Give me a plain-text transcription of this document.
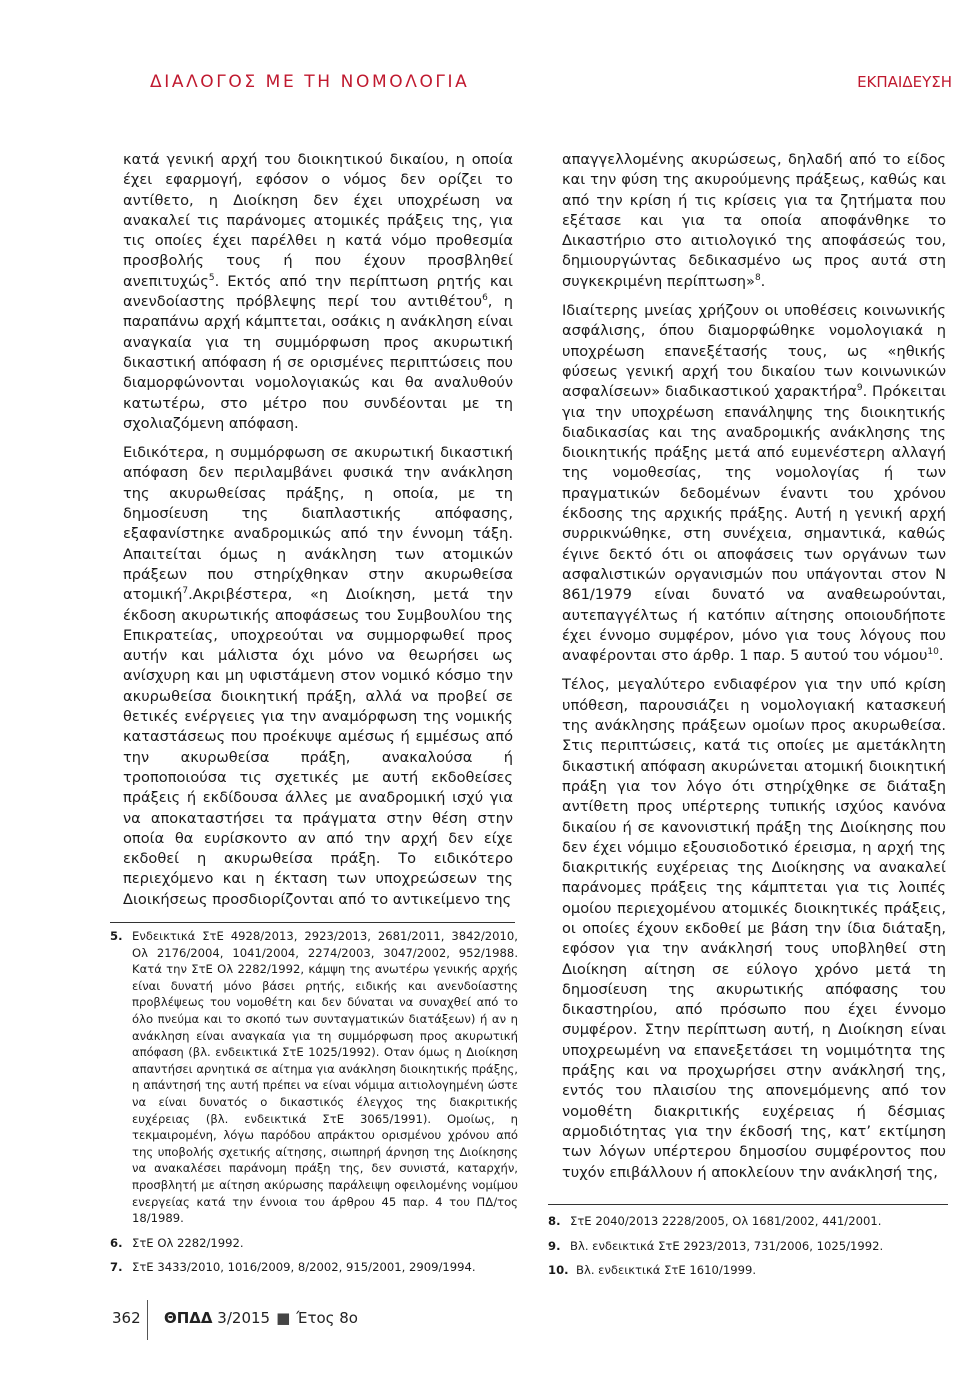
ΔΙΑΛΟΓΟΣ ΜΕ ΤΗ ΝΟΜΟΛΟΓΙΑ	ΕΚΠΑΙΔΕΥΣΗ

κατά γενική αρχή του διοικητικού δικαίου, η οποία έχει εφαρμογή, εφόσον ο νόμος δεν ορίζει το αντίθετο, η Διοίκηση δεν έχει υποχρέωση να ανακαλεί τις παράνομες ατομικές πράξεις της, για τις οποίες έχει παρέλθει η κατά νόμο προθεσμία προσβολής τους ή που έχουν προσβληθεί ανεπιτυχώς$^5$. Εκτός από την περίπτωση ρητής και ανενδοίαστης πρόβλεψης περί του αντιθέτου$^6$, η παραπάνω αρχή κάμπτεται, οσάκις η ανάκληση είναι αναγκαία για τη συμμόρφωση προς ακυρωτική δικαστική απόφαση ή σε ορισμένες περιπτώσεις που διαμορφώνονται νομολογιακώς και θα αναλυθούν κατωτέρω, στο μέτρο που συνδέονται με τη σχολιαζόμενη απόφαση.

Ειδικότερα, η συμμόρφωση σε ακυρωτική δικαστική απόφαση δεν περιλαμβάνει φυσικά την ανάκληση της ακυρωθείσας πράξης, η οποία, με τη δημοσίευση της διαπλαστικής απόφασης, εξαφανίστηκε αναδρομικώς από την έννομη τάξη. Απαιτείται όμως η ανάκληση των ατομικών πράξεων που στηρίχθηκαν στην ακυρωθείσα ατομική$^7$.Ακριβέστερα, «η Διοίκηση, μετά την έκδοση ακυρωτικής αποφάσεως του Συμβουλίου της Επικρατείας, υποχρεούται να συμμορφωθεί προς αυτήν και μάλιστα όχι μόνο να θεωρήσει ως ανίσχυρη και μη υφιστάμενη στον νομικό κόσμο την ακυρωθείσα διοικητική πράξη, αλλά να προβεί σε θετικές ενέργειες για την αναμόρφωση της νομικής καταστάσεως που προέκυψε αμέσως ή εμμέσως από την ακυρωθείσα πράξη, ανακαλούσα ή τροποποιούσα τις σχετικές με αυτή εκδοθείσες πράξεις ή εκδίδουσα άλλες με αναδρομική ισχύ για να αποκαταστήσει τα πράγματα στην θέση στην οποία θα ευρίσκοντο αν από την αρχή δεν είχε εκδοθεί η ακυρωθείσα πράξη. Το ειδικότερο περιεχόμενο και η έκταση των υποχρεώσεων της Διοικήσεως προσδιορίζονται από το αντικείμενο της

απαγγελλομένης ακυρώσεως, δηλαδή από το είδος και την φύση της ακυρούμενης πράξεως, καθώς και από την κρίση ή τις κρίσεις για τα ζητήματα που εξέτασε και για τα οποία αποφάνθηκε το Δικαστήριο στο αιτιολογικό της αποφάσεώς του, δημιουργώντας δεδικασμένο ως προς αυτά στη συγκεκριμένη περίπτωση»$^8$.

Ιδιαίτερης μνείας χρήζουν οι υποθέσεις κοινωνικής ασφάλισης, όπου διαμορφώθηκε νομολογιακά η υποχρέωση επανεξέτασής τους, ως «ηθικής φύσεως γενική αρχή του δικαίου των κοινωνικών ασφαλίσεων» διαδικαστικού χαρακτήρα$^9$. Πρόκειται για την υποχρέωση επανάληψης της διοικητικής διαδικασίας και της αναδρομικής ανάκλησης της διοικητικής πράξης μετά από ευμενέστερη αλλαγή της νομοθεσίας, της νομολογίας ή των πραγματικών δεδομένων έναντι του χρόνου έκδοσης της αρχικής πράξης. Αυτή η γενική αρχή συρρικνώθηκε, στη συνέχεια, σημαντικά, καθώς έγινε δεκτό ότι οι αποφάσεις των οργάνων των ασφαλιστικών οργανισμών που υπάγονται στον Ν 861/1979 είναι δυνατό να αναθεωρούνται, αυτεπαγγέλτως ή κατόπιν αίτησης οποιουδήποτε έχει έννομο συμφέρον, μόνο για τους λόγους που αναφέρονται στο άρθρ. 1 παρ. 5 αυτού του νόμου$^{10}$.

Τέλος, μεγαλύτερο ενδιαφέρον για την υπό κρίση υπόθεση, παρουσιάζει η νομολογιακή κατασκευή της ανάκλησης πράξεων ομοίων προς ακυρωθείσα. Στις περιπτώσεις, κατά τις οποίες με αμετάκλητη δικαστική απόφαση ακυρώνεται ατομική διοικητική πράξη για τον λόγο ότι στηρίχθηκε σε διάταξη αντίθετη προς υπέρτερης τυπικής ισχύος κανόνα δικαίου ή σε κανονιστική πράξη της Διοίκησης που δεν έχει νόμιμο εξουσιοδοτικό έρεισμα, η αρχή της διακριτικής ευχέρειας της Διοίκησης να ανακαλεί παράνομες πράξεις της κάμπτεται για τις λοιπές ομοίου περιεχομένου ατομικές διοικητικές πράξεις, οι οποίες έχουν εκδοθεί με βάση την ίδια διάταξη, εφόσον για την ανάκλησή τους υποβληθεί στη Διοίκηση αίτηση σε εύλογο χρόνο μετά τη δημοσίευση της ακυρωτικής απόφασης του δικαστηρίου, από πρόσωπο που έχει έννομο συμφέρον. Στην περίπτωση αυτή, η Διοίκηση είναι υποχρεωμένη να επανεξετάσει τη νομιμότητα της πράξης και να προχωρήσει στην ανάκλησή της, εντός του πλαισίου της απονεμόμενης από τον νομοθέτη διακριτικής ευχέρειας ή δέσμιας αρμοδιότητας για την έκδοσή της, κατ’ εκτίμηση των λόγων υπέρτερου δημοσίου συμφέροντος που τυχόν επιβάλλουν ή αποκλείουν την ανάκλησή της,

5. Ενδεικτικά ΣτΕ 4928/2013, 2923/2013, 2681/2011, 3842/2010, Ολ 2176/2004, 1041/2004, 2274/2003, 3047/2002, 952/1988. Κατά την ΣτΕ Ολ 2282/1992, κάμψη της ανωτέρω γενικής αρχής είναι δυνατή μόνο βάσει ρητής, ειδικής και ανενδοίαστης προβλέψεως του νομοθέτη και δεν δύναται να συναχθεί από το όλο πνεύμα και το σκοπό των συνταγματικών διατάξεων) ή αν η ανάκληση είναι αναγκαία για τη συμμόρφωση προς ακυρωτική απόφαση (βλ. ενδεικτικά ΣτΕ 1025/1992). Οταν όμως η Διοίκηση απαντήσει αρνητικά σε αίτημα για ανάκληση διοικητικής πράξης, η απάντησή της αυτή πρέπει να είναι νόμιμα αιτιολογημένη ώστε να είναι δυνατός ο δικαστικός έλεγχος της διακριτικής ευχέρειας (βλ. ενδεικτικά ΣτΕ 3065/1991). Ομοίως, η τεκμαιρομένη, λόγω παρόδου απράκτου ορισμένου χρόνου από της υποβολής σχετικής αίτησης, σιωπηρή άρνηση της Διοίκησης να ανακαλέσει παράνομη πράξη της, δεν συνιστά, καταρχήν, προσβλητή με αίτηση ακύρωσης παράλειψη οφειλομένης νομίμου ενεργείας κατά την έννοια του άρθρου 45 παρ. 4 του ΠΔ/τος 18/1989.
6. ΣτΕ Ολ 2282/1992.
7. ΣτΕ 3433/2010, 1016/2009, 8/2002, 915/2001, 2909/1994.
8. ΣτΕ 2040/2013 2228/2005, Ολ 1681/2002, 441/2001.
9. Βλ. ενδεικτικά ΣτΕ 2923/2013, 731/2006, 1025/1992.
10. Βλ. ενδεικτικά ΣτΕ 1610/1999.
362 ΘΠΔΔ 3/2015 ■ Έτος 8ο
